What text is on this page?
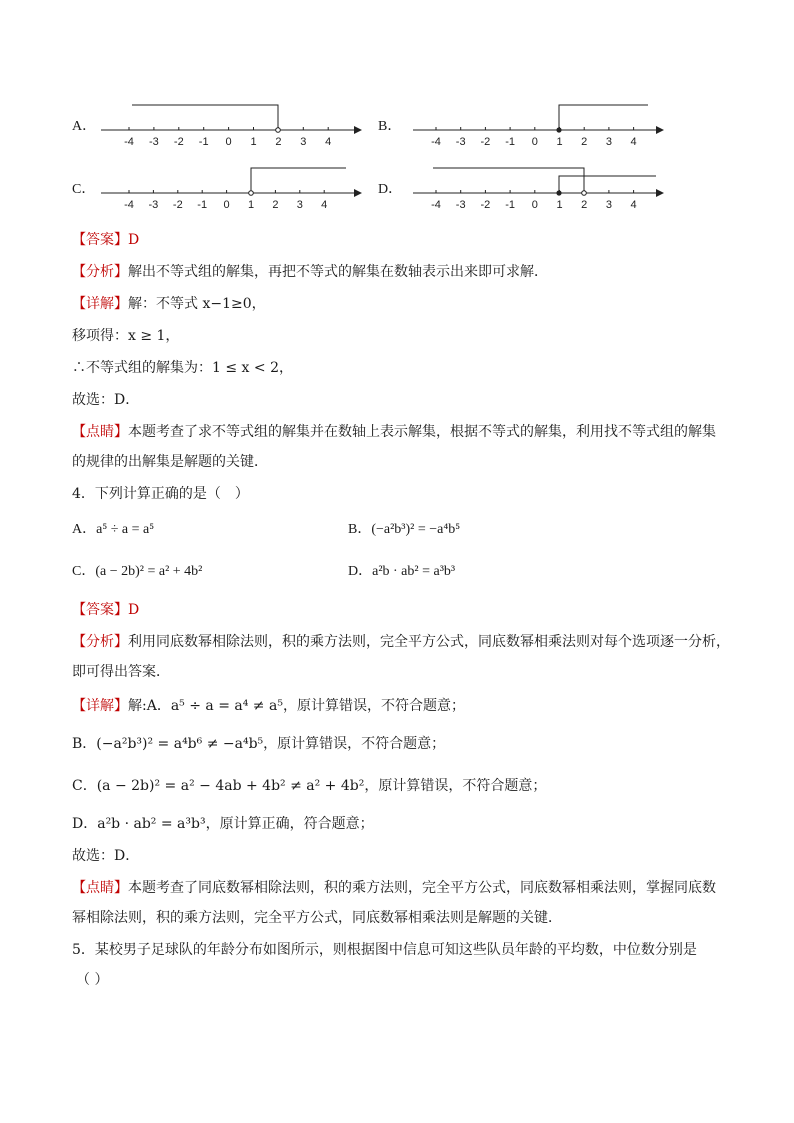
A．
-4 -3 -2 -1 0 1 2 3 4
B．
-4 -3 -2 -1 0 1 2 3 4
C．
-4 -3 -2 -1 0 1 2 3 4
D．
-4 -3 -2 -1 0 1 2 3 4
【答案】D
【分析】解出不等式组的解集，再把不等式的解集在数轴表示出来即可求解．
【详解】解：不等式 x−1≥0，
移项得：x ≥ 1，
∴不等式组的解集为：1 ≤ x < 2，
故选：D．
【点睛】本题考查了求不等式组的解集并在数轴上表示解集，根据不等式的解集，利用找不等式组的解集
的规律的出解集是解题的关键．
4．下列计算正确的是（　）
A．a⁵ ÷ a = a⁵	B．(−a²b³)² = −a⁴b⁵
C．(a − 2b)² = a² + 4b²	D．a²b · ab² = a³b³
【答案】D
【分析】利用同底数幂相除法则，积的乘方法则，完全平方公式，同底数幂相乘法则对每个选项逐一分析，
即可得出答案．
【详解】解:A．a⁵ ÷ a = a⁴ ≠ a⁵，原计算错误，不符合题意；
B．(−a²b³)² = a⁴b⁶ ≠ −a⁴b⁵，原计算错误，不符合题意；
C．(a − 2b)² = a² − 4ab + 4b² ≠ a² + 4b²，原计算错误，不符合题意；
D．a²b · ab² = a³b³，原计算正确，符合题意；
故选：D．
【点睛】本题考查了同底数幂相除法则，积的乘方法则，完全平方公式，同底数幂相乘法则，掌握同底数
幂相除法则，积的乘方法则，完全平方公式，同底数幂相乘法则是解题的关键．
5．某校男子足球队的年龄分布如图所示，则根据图中信息可知这些队员年龄的平均数，中位数分别是
（ ）
